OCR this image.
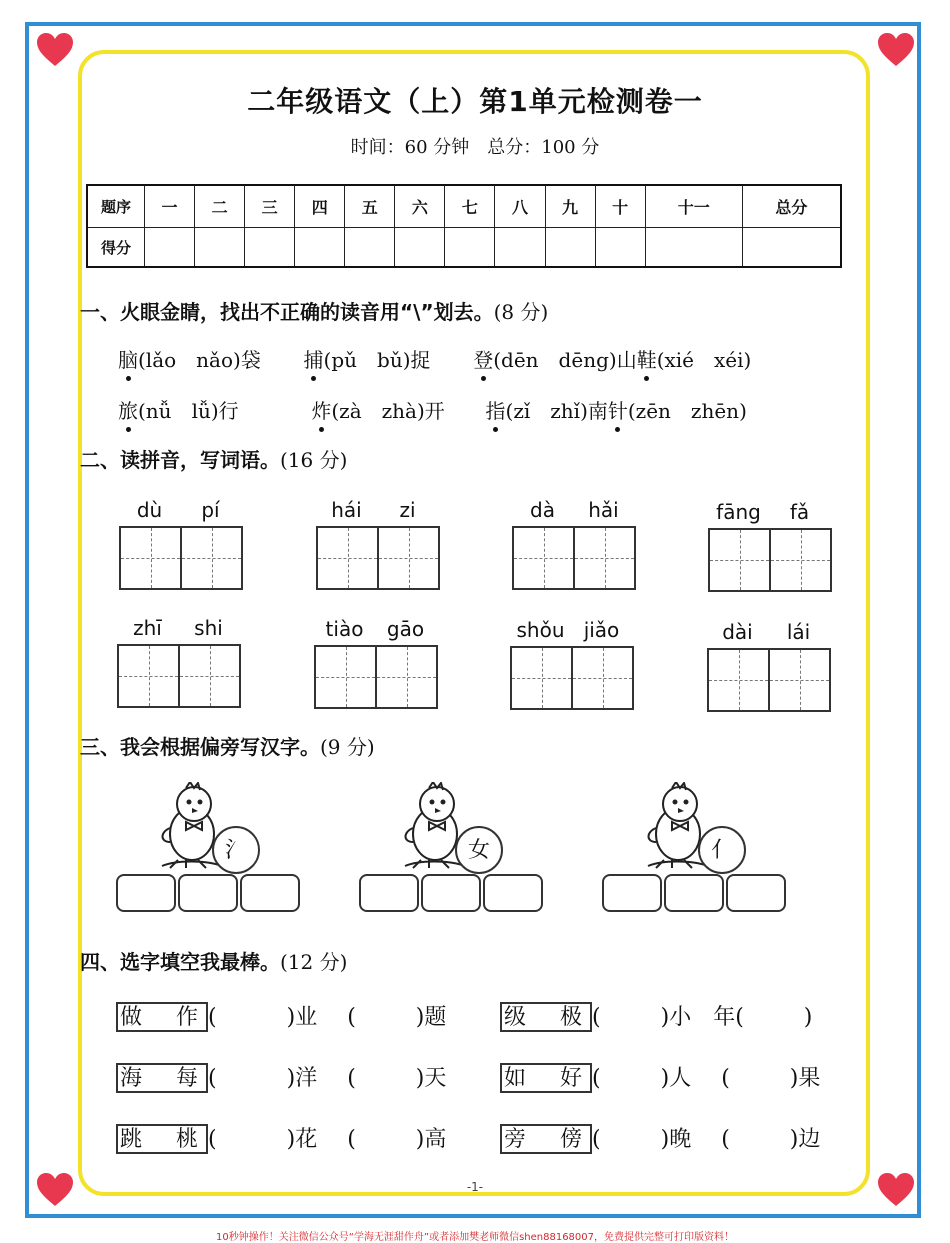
二年级语文（上）第1单元检测卷一
时间：60 分钟　总分：100 分
题序	一	二	三	四	五	六	七	八	九	十	十一	总分
得分												
一、火眼金睛，找出不正确的读音用“\”划去。(8 分)
脑(lǎo　nǎo)袋 捕(pǔ　bǔ)捉 登(dēn　dēng)山鞋(xié　xéi)
旅(nǚ　lǚ)行	炸(zà　zhà)开 指(zǐ　zhǐ)南针(zēn　zhēn)
二、读拼音，写词语。(16 分)
dù pí	hái zi	dà hǎi	fāng fǎ
zhī shi	tiào gāo	shǒu jiǎo	dài lái
三、我会根据偏旁写汉字。(9 分)
氵	女	亻
四、选字填空我最棒。(12 分)
做　作 (	)业 (	)题	级　极 (	)小　年(	)
海　每 (	)洋 (	)天	如　好 (	)人 (	)果
跳　桃 (	)花 (	)高	旁　傍 (	)晚 (	)边
-1-
10秒钟操作！关注微信公众号“学海无涯甜作舟”或者添加樊老师微信shen88168007，免费提供完整可打印版资料！
